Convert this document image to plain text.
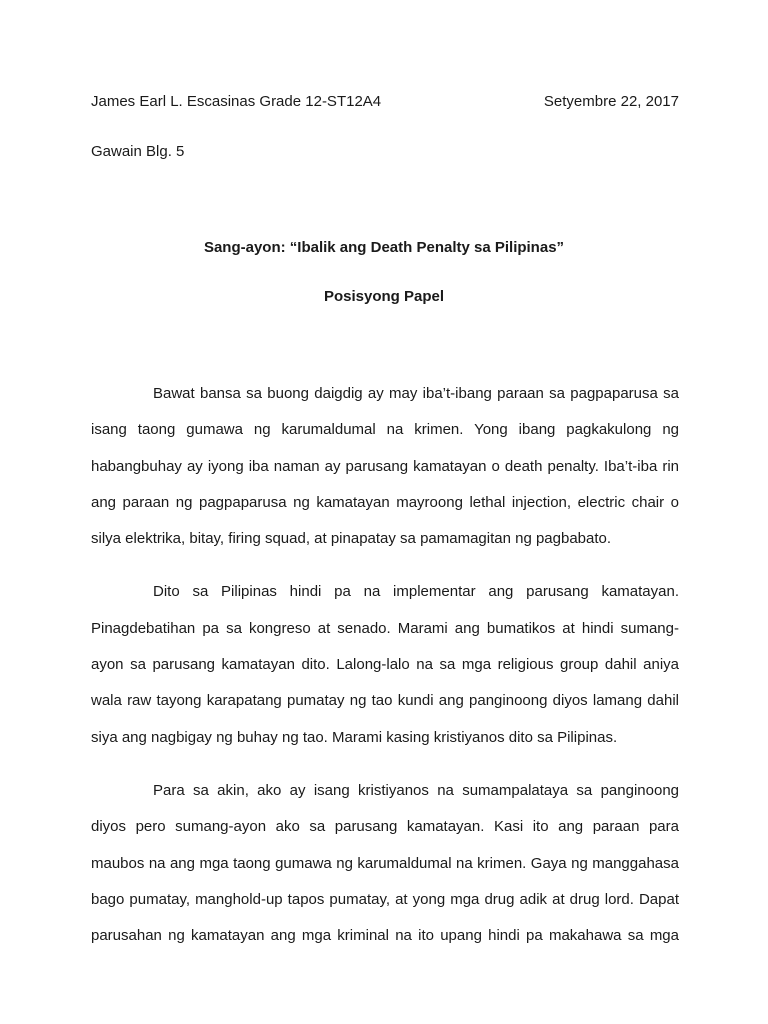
James Earl L. Escasinas Grade 12-ST12A4	Setyembre 22, 2017
Gawain Blg. 5
Sang-ayon: “Ibalik ang Death Penalty sa Pilipinas”
Posisyong Papel

Bawat bansa sa buong daigdig ay may iba’t-ibang paraan sa pagpaparusa sa
isang taong gumawa ng karumaldumal na krimen. Yong ibang pagkakulong ng
habangbuhay ay iyong iba naman ay parusang kamatayan o death penalty. Iba’t-iba rin
ang paraan ng pagpaparusa ng kamatayan mayroong lethal injection, electric chair o
silya elektrika, bitay, firing squad, at pinapatay sa pamamagitan ng pagbabato.

Dito sa Pilipinas hindi pa na implementar ang parusang kamatayan.
Pinagdebatihan pa sa kongreso at senado. Marami ang bumatikos at hindi sumang-
ayon sa parusang kamatayan dito. Lalong-lalo na sa mga religious group dahil aniya
wala raw tayong karapatang pumatay ng tao kundi ang panginoong diyos lamang dahil
siya ang nagbigay ng buhay ng tao. Marami kasing kristiyanos dito sa Pilipinas.

Para sa akin, ako ay isang kristiyanos na sumampalataya sa panginoong
diyos pero sumang-ayon ako sa parusang kamatayan. Kasi ito ang paraan para
maubos na ang mga taong gumawa ng karumaldumal na krimen. Gaya ng manggahasa
bago pumatay, manghold-up tapos pumatay, at yong mga drug adik at drug lord. Dapat
parusahan ng kamatayan ang mga kriminal na ito upang hindi pa makahawa sa mga
